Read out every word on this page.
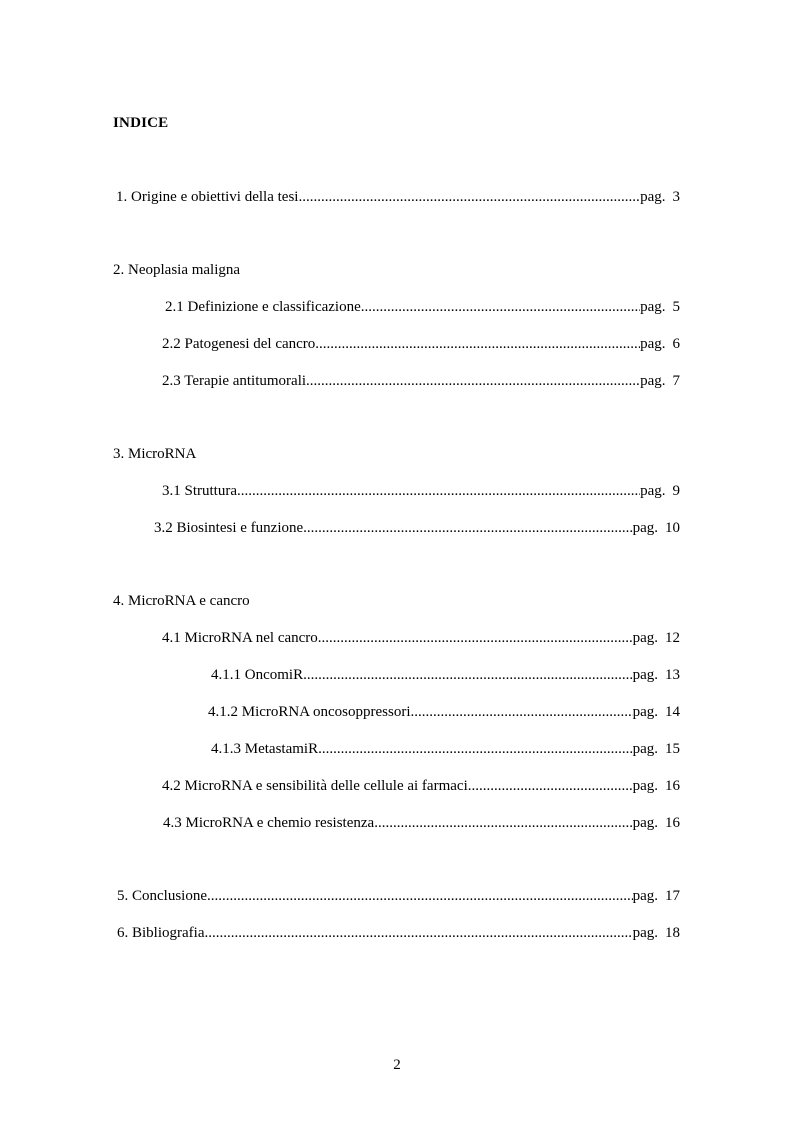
INDICE
1. Origine e obiettivi della tesi .....	pag. 3
2. Neoplasia maligna
2.1 Definizione e classificazione .....	pag. 5
2.2 Patogenesi del cancro .....	pag. 6
2.3 Terapie antitumorali .....	pag. 7
3. MicroRNA
3.1 Struttura .....	pag. 9
3.2 Biosintesi e funzione .....	pag. 10
4. MicroRNA e cancro
4.1 MicroRNA nel cancro .....	pag. 12
4.1.1 OncomiR .....	pag. 13
4.1.2 MicroRNA oncosoppressori .....	pag. 14
4.1.3 MetastamiR .....	pag. 15
4.2 MicroRNA e sensibilità delle cellule ai farmaci .....	pag. 16
4.3 MicroRNA e chemio resistenza .....	pag. 16
5. Conclusione .....	pag. 17
6. Bibliografia .....	pag. 18
2
